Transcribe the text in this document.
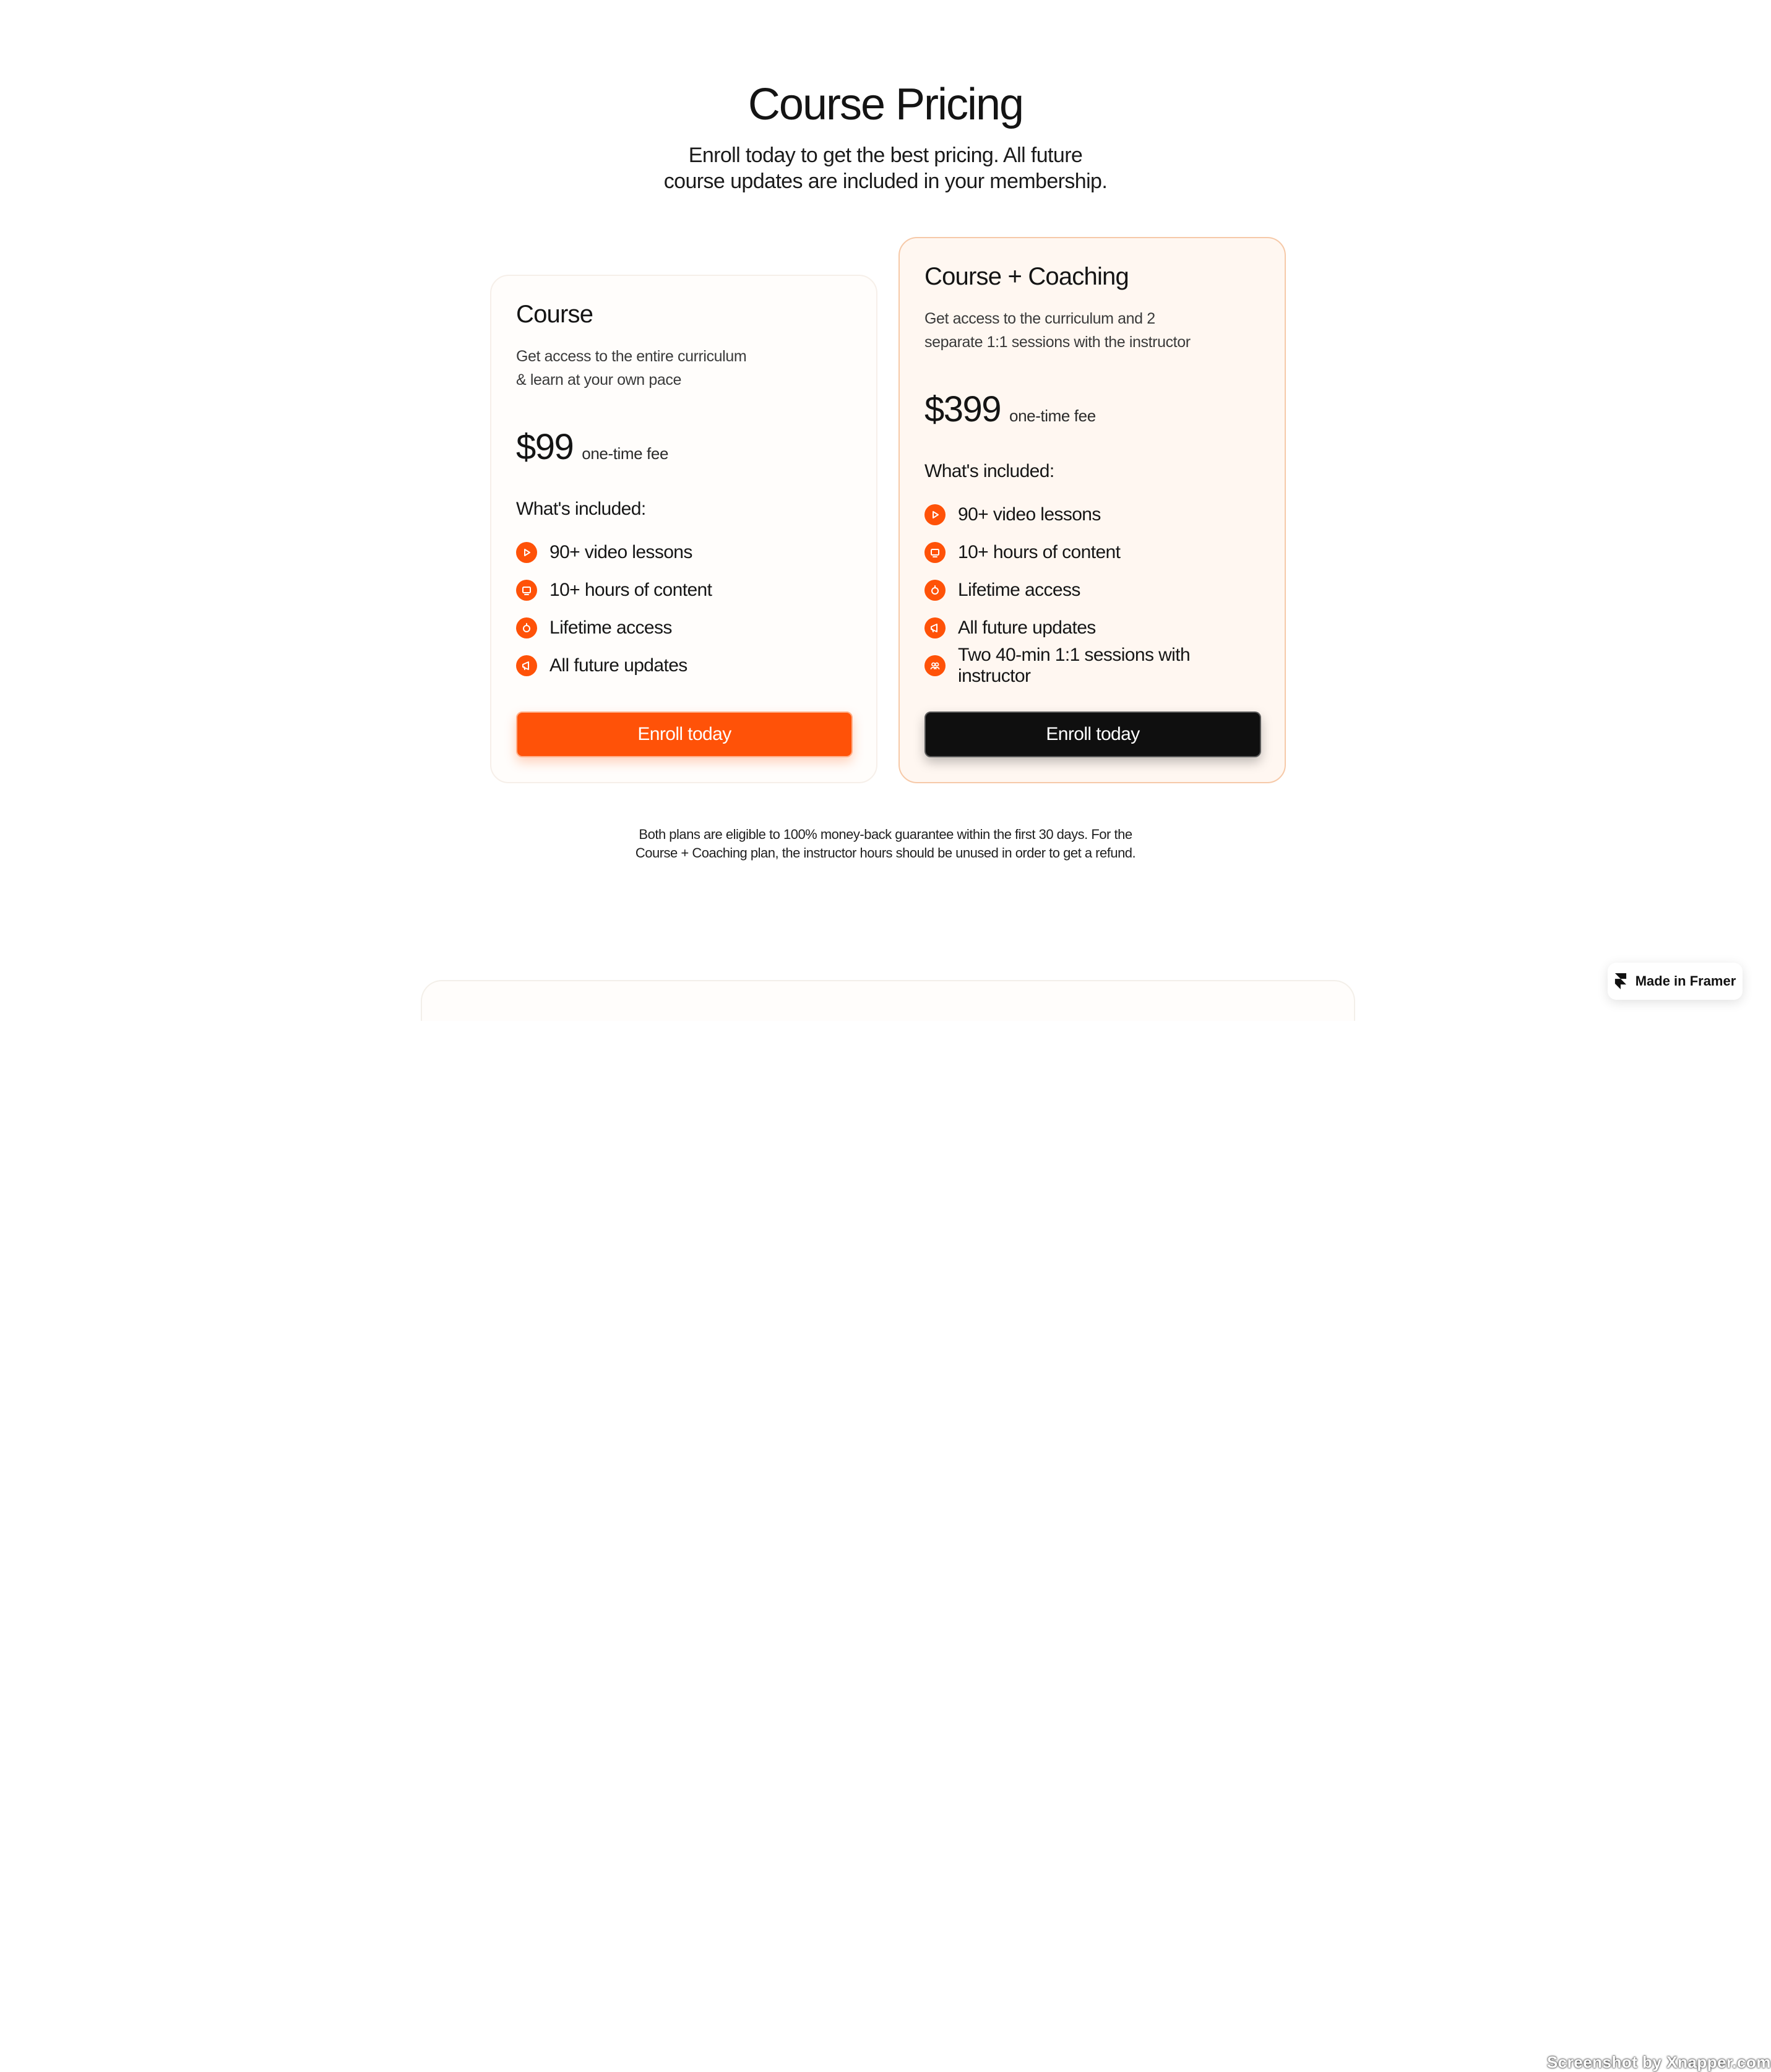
Course Pricing

Enroll today to get the best pricing. All future
course updates are included in your membership.

Course

Get access to the entire curriculum
& learn at your own pace

$99 one-time fee
What's included:
90+ video lessons
10+ hours of content
Lifetime access
All future updates
Enroll today
Course + Coaching

Get access to the curriculum and 2
separate 1:1 sessions with the instructor

$399 one-time fee
What's included:
90+ video lessons
10+ hours of content
Lifetime access
All future updates
Two 40-min 1:1 sessions with instructor
Enroll today

Both plans are eligible to 100% money-back guarantee within the first 30 days. For the
Course + Coaching plan, the instructor hours should be unused in order to get a refund.

Made in Framer
Screenshot by Xnapper.com
